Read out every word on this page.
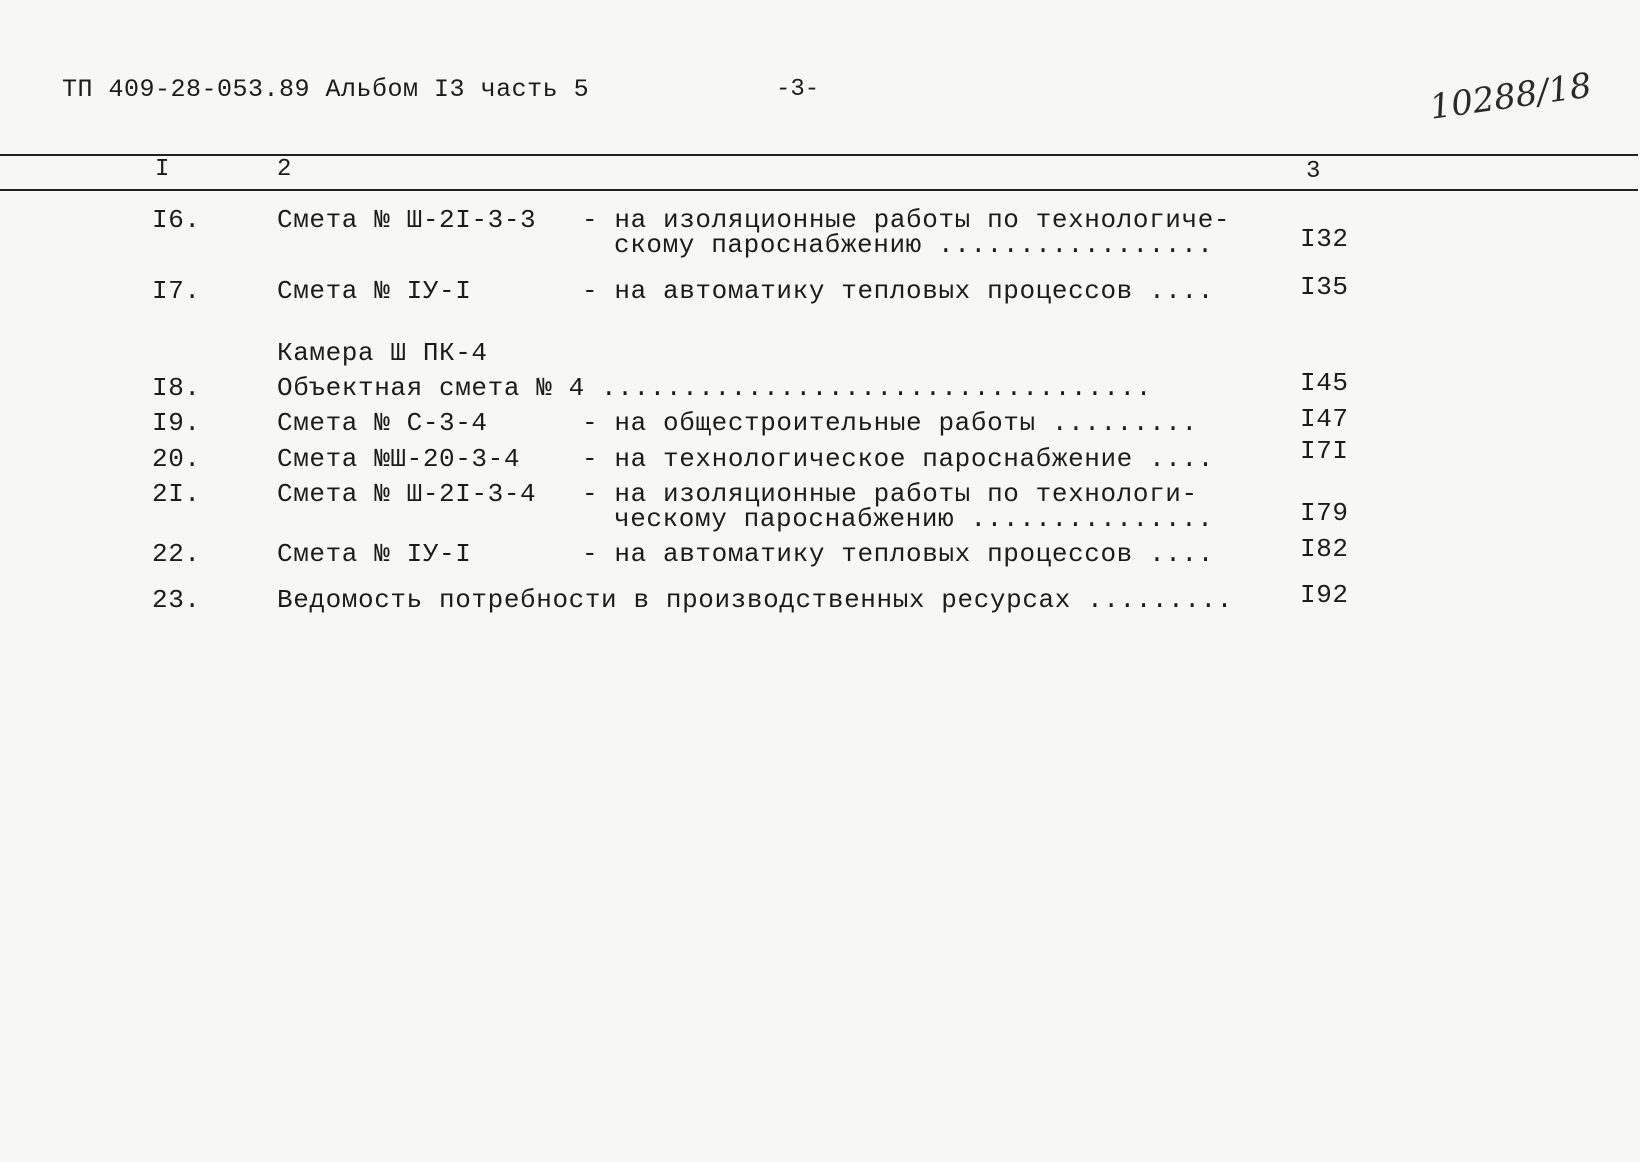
ТП 409-28-053.89 Альбом I3 часть 5	-3-	10288/18
I	2	3
I6.	Смета № Ш-2I-3-3 - на изоляционные работы по технологиче-
скому пароснабжению .................	I32
I7.	Смета № IУ-I	- на автоматику тепловых процессов ....	I35
Камера Ш ПК-4
I8.	Объектная смета № 4 ..................................	I45
I9.	Смета № С-3-4	- на общестроительные работы .........	I47
20.	Смета №Ш-20-3-4 - на технологическое пароснабжение ....	I7I
2I.	Смета № Ш-2I-3-4 - на изоляционные работы по технологи-
ческому пароснабжению ...............	I79
22.	Смета № IУ-I	- на автоматику тепловых процессов ....	I82
23.	Ведомость потребности в производственных ресурсах .........	I92
